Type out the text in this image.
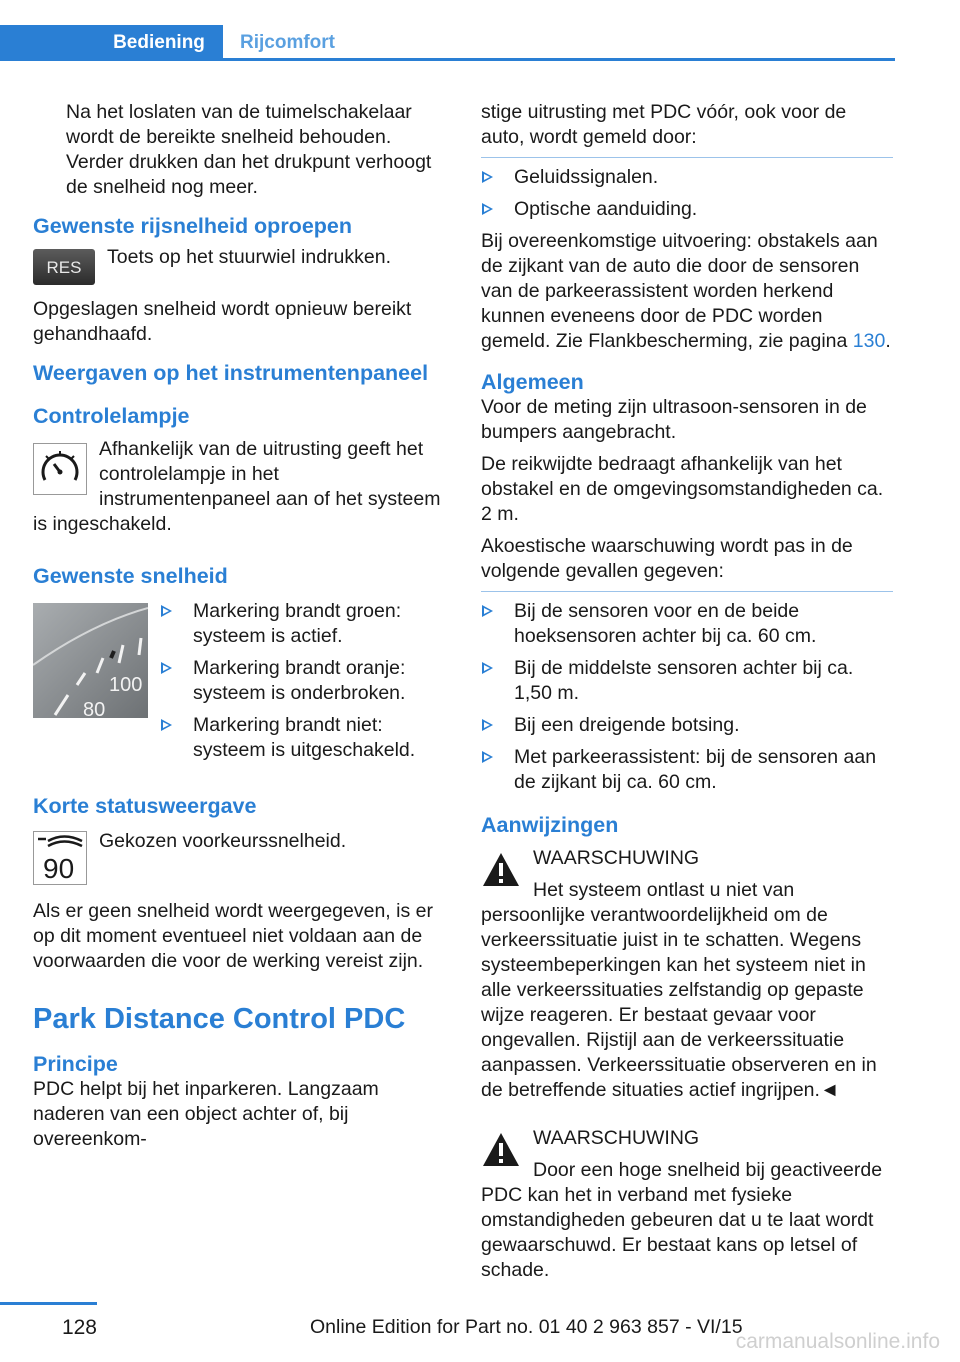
Bediening	Rijcomfort

Na het loslaten van de tuimelschakelaar wordt de bereikte snelheid behouden. Verder drukken dan het drukpunt verhoogt de snelheid nog meer.

Gewenste rijsnelheid oproepen
RES	Toets op het stuurwiel indrukken.

Opgeslagen snelheid wordt opnieuw bereikt gehandhaafd.

Weergaven op het instrumentenpaneel
Controlelampje

Afhankelijk van de uitrusting geeft het controlelampje in het instrumentenpaneel aan of het systeem is ingeschakeld.

Gewenste snelheid
100
80
Markering brandt groen: systeem is actief.
Markering brandt oranje: systeem is onderbroken.
Markering brandt niet: systeem is uitgeschakeld.
Korte statusweergave
90

Gekozen voorkeurssnelheid.

Als er geen snelheid wordt weergegeven, is er op dit moment eventueel niet voldaan aan de voorwaarden die voor de werking vereist zijn.

Park Distance Control PDC
Principe

PDC helpt bij het inparkeren. Langzaam naderen van een object achter of, bij overeenkom-

stige uitrusting met PDC vóór, ook voor de auto, wordt gemeld door:

Geluidssignalen.
Optische aanduiding.

Bij overeenkomstige uitvoering: obstakels aan de zijkant van de auto die door de sensoren van de parkeerassistent worden herkend kunnen eveneens door de PDC worden gemeld. Zie Flankbescherming, zie pagina 130.

Algemeen

Voor de meting zijn ultrasoon-sensoren in de bumpers aangebracht.

De reikwijdte bedraagt afhankelijk van het obstakel en de omgevingsomstandigheden ca. 2 m.

Akoestische waarschuwing wordt pas in de volgende gevallen gegeven:

Bij de sensoren voor en de beide hoeksensoren achter bij ca. 60 cm.
Bij de middelste sensoren achter bij ca. 1,50 m.
Bij een dreigende botsing.
Met parkeerassistent: bij de sensoren aan de zijkant bij ca. 60 cm.
Aanwijzingen
WAARSCHUWING

Het systeem ontlast u niet van persoonlijke verantwoordelijkheid om de verkeerssituatie juist in te schatten. Wegens systeembeperkingen kan het systeem niet in alle verkeerssituaties zelfstandig op gepaste wijze reageren. Er bestaat gevaar voor ongevallen. Rijstijl aan de verkeerssituatie aanpassen. Verkeerssituatie observeren en in de betreffende situaties actief ingrijpen.◄

WAARSCHUWING

Door een hoge snelheid bij geactiveerde PDC kan het in verband met fysieke omstandigheden gebeuren dat u te laat wordt gewaarschuwd. Er bestaat kans op letsel of schade.

128	Online Edition for Part no. 01 40 2 963 857 - VI/15
carmanualsonline.info
